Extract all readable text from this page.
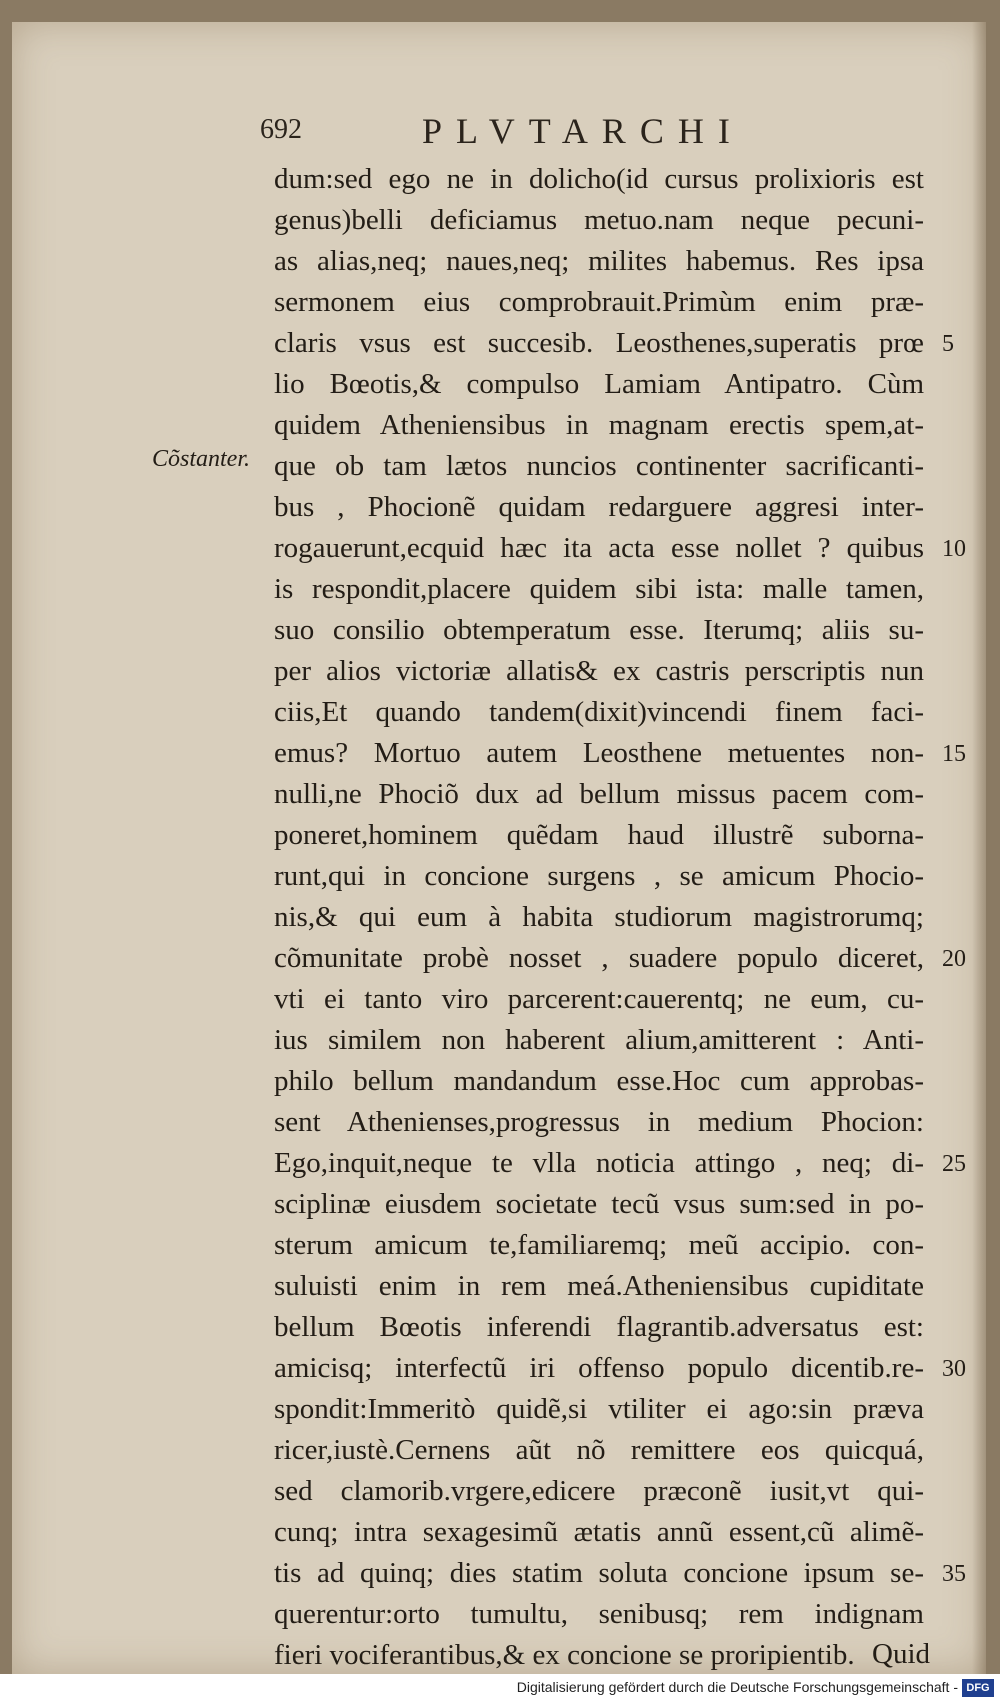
692	PLVTARCHI
Cõstanter.
dum:sed ego ne in dolicho(id cursus prolixioris est
genus)belli deficiamus metuo.nam neque pecuni-
as alias,neq; naues,neq; milites habemus. Res ipsa
sermonem eius comprobrauit.Primùm enim præ-
claris vsus est succesib. Leosthenes,superatis prœ
lio Bœotis,& compulso Lamiam Antipatro. Cùm
quidem Atheniensibus in magnam erectis spem,at-
que ob tam lætos nuncios continenter sacrificanti-
bus , Phocionẽ quidam redarguere aggresi inter-
rogauerunt,ecquid hæc ita acta esse nollet ? quibus
is respondit,placere quidem sibi ista: malle tamen,
suo consilio obtemperatum esse. Iterumq; aliis su-
per alios victoriæ allatis& ex castris perscriptis nun
ciis,Et quando tandem(dixit)vincendi finem faci-
emus? Mortuo autem Leosthene metuentes non-
nulli,ne Phociõ dux ad bellum missus pacem com-
poneret,hominem quẽdam haud illustrẽ suborna-
runt,qui in concione surgens , se amicum Phocio-
nis,& qui eum à habita studiorum magistrorumq;
cõmunitate probè nosset , suadere populo diceret,
vti ei tanto viro parcerent:cauerentq; ne eum, cu-
ius similem non haberent alium,amitterent : Anti-
philo bellum mandandum esse.Hoc cum approbas-
sent Athenienses,progressus in medium Phocion:
Ego,inquit,neque te vlla noticia attingo , neq; di-
sciplinæ eiusdem societate tecũ vsus sum:sed in po-
sterum amicum te,familiaremq; meũ accipio. con-
suluisti enim in rem meá.Atheniensibus cupiditate
bellum Bœotis inferendi flagrantib.adversatus est:
amicisq; interfectũ iri offenso populo dicentib.re-
spondit:Immeritò quidẽ,si vtiliter ei ago:sin præva
ricer,iustè.Cernens aũt nõ remittere eos quicquá,
sed clamorib.vrgere,edicere præconẽ iusit,vt qui-
cunq; intra sexagesimũ ætatis annũ essent,cũ alimẽ-
tis ad quinq; dies statim soluta concione ipsum se-
querentur:orto tumultu, senibusq; rem indignam
fieri vociferantibus,& ex concione se proripientib.
5
10
15
20
25
30
35
Quid
Digitalisierung gefördert durch die Deutsche Forschungsgemeinschaft - DFG
